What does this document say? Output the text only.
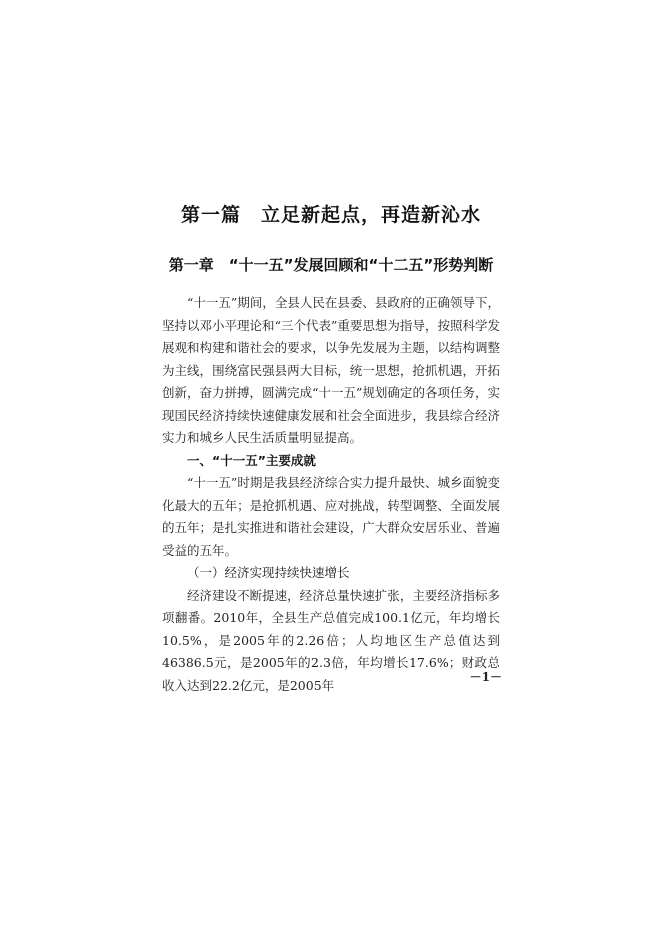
第一篇　立足新起点，再造新沁水
第一章　“十一五”发展回顾和“十二五”形势判断

“十一五”期间，全县人民在县委、县政府的正确领导下，坚持以邓小平理论和“三个代表”重要思想为指导，按照科学发展观和构建和谐社会的要求，以争先发展为主题，以结构调整为主线，围绕富民强县两大目标，统一思想，抢抓机遇，开拓创新，奋力拼搏，圆满完成“十一五”规划确定的各项任务，实现国民经济持续快速健康发展和社会全面进步，我县综合经济实力和城乡人民生活质量明显提高。

一、“十一五”主要成就

“十一五”时期是我县经济综合实力提升最快、城乡面貌变化最大的五年；是抢抓机遇、应对挑战，转型调整、全面发展的五年；是扎实推进和谐社会建设，广大群众安居乐业、普遍受益的五年。

（一）经济实现持续快速增长

经济建设不断提速，经济总量快速扩张，主要经济指标多项翻番。2010年，全县生产总值完成100.1亿元，年均增长10.5%，是2005年的2.26倍；人均地区生产总值达到46386.5元，是2005年的2.3倍，年均增长17.6%；财政总收入达到22.2亿元，是2005年

－1－
